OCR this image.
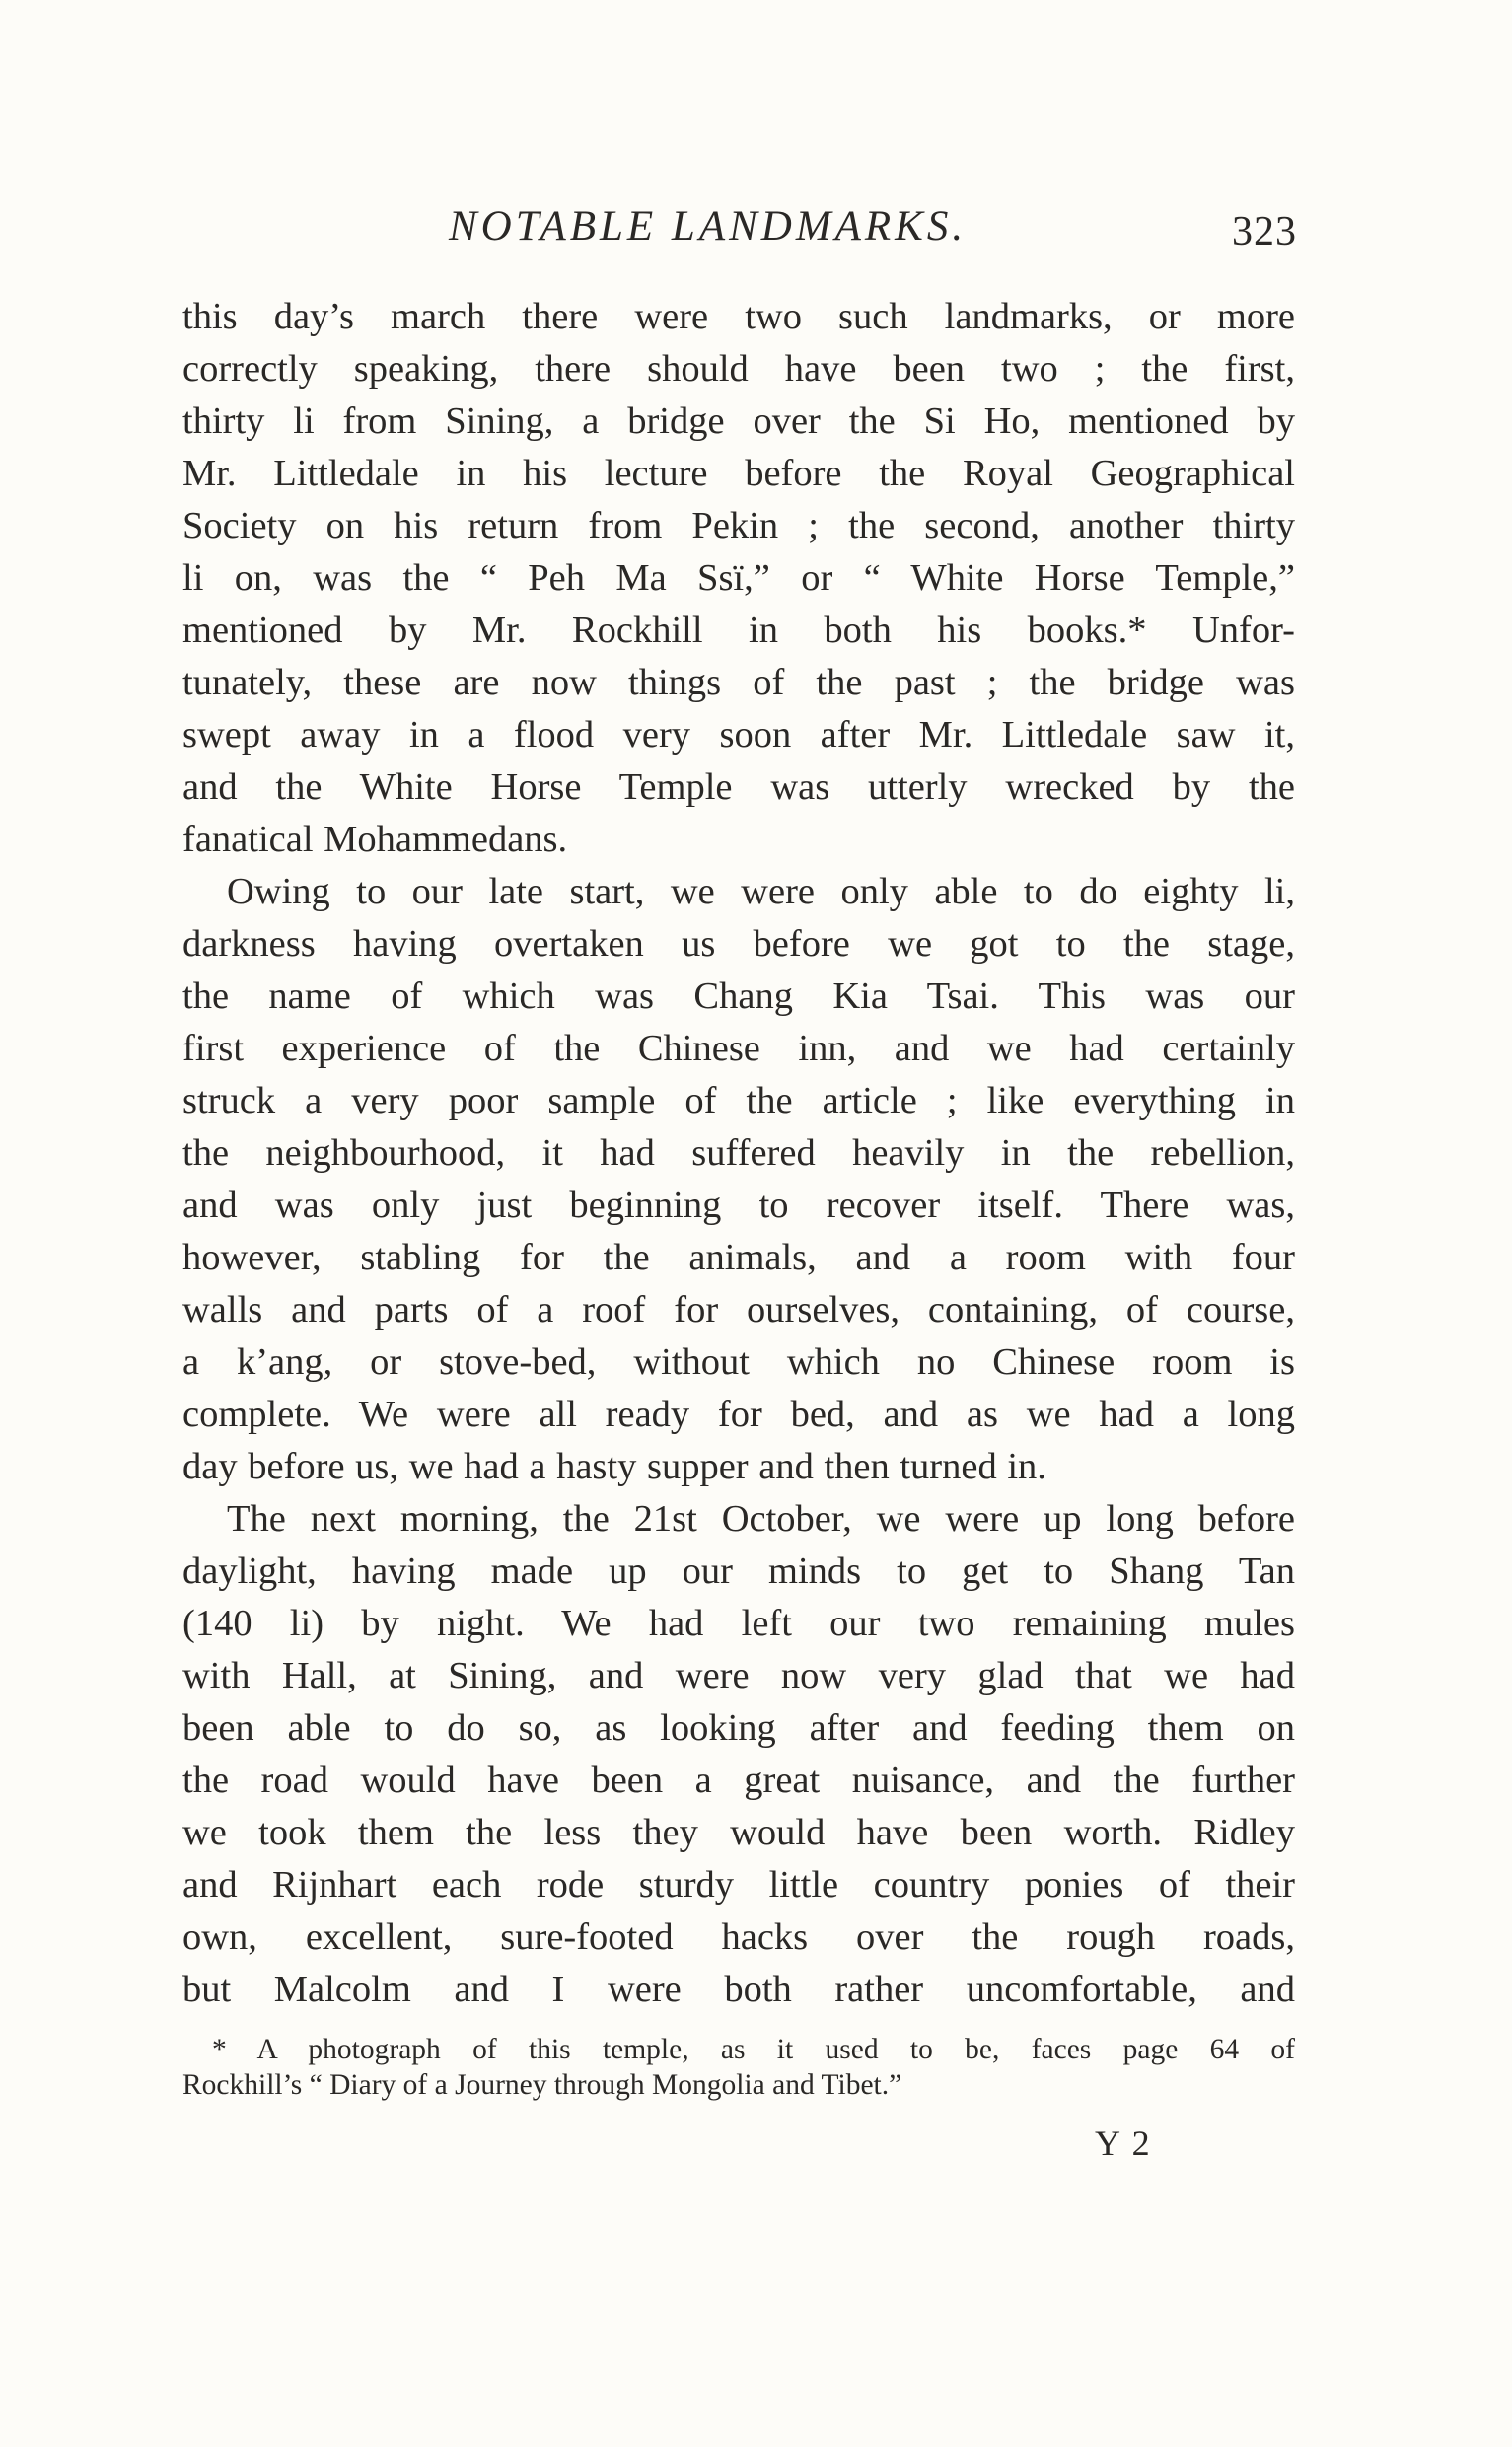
NOTABLE LANDMARKS.	323
this day’s march there were two such landmarks, or more
correctly speaking, there should have been two ; the first,
thirty li from Sining, a bridge over the Si Ho, mentioned by
Mr. Littledale in his lecture before the Royal Geographical
Society on his return from Pekin ; the second, another thirty
li on, was the “ Peh Ma Ssï,” or “ White Horse Temple,”
mentioned by Mr. Rockhill in both his books.* Unfor-
tunately, these are now things of the past ; the bridge was
swept away in a flood very soon after Mr. Littledale saw it,
and the White Horse Temple was utterly wrecked by the
fanatical Mohammedans.
Owing to our late start, we were only able to do eighty li,
darkness having overtaken us before we got to the stage,
the name of which was Chang Kia Tsai. This was our
first experience of the Chinese inn, and we had certainly
struck a very poor sample of the article ; like everything in
the neighbourhood, it had suffered heavily in the rebellion,
and was only just beginning to recover itself. There was,
however, stabling for the animals, and a room with four
walls and parts of a roof for ourselves, containing, of course,
a k’ang, or stove-bed, without which no Chinese room is
complete. We were all ready for bed, and as we had a long
day before us, we had a hasty supper and then turned in.
The next morning, the 21st October, we were up long before
daylight, having made up our minds to get to Shang Tan
(140 li) by night. We had left our two remaining mules
with Hall, at Sining, and were now very glad that we had
been able to do so, as looking after and feeding them on
the road would have been a great nuisance, and the further
we took them the less they would have been worth. Ridley
and Rijnhart each rode sturdy little country ponies of their
own, excellent, sure-footed hacks over the rough roads,
but Malcolm and I were both rather uncomfortable, and
* A photograph of this temple, as it used to be, faces page 64 of
Rockhill’s “ Diary of a Journey through Mongolia and Tibet.”
Y 2
